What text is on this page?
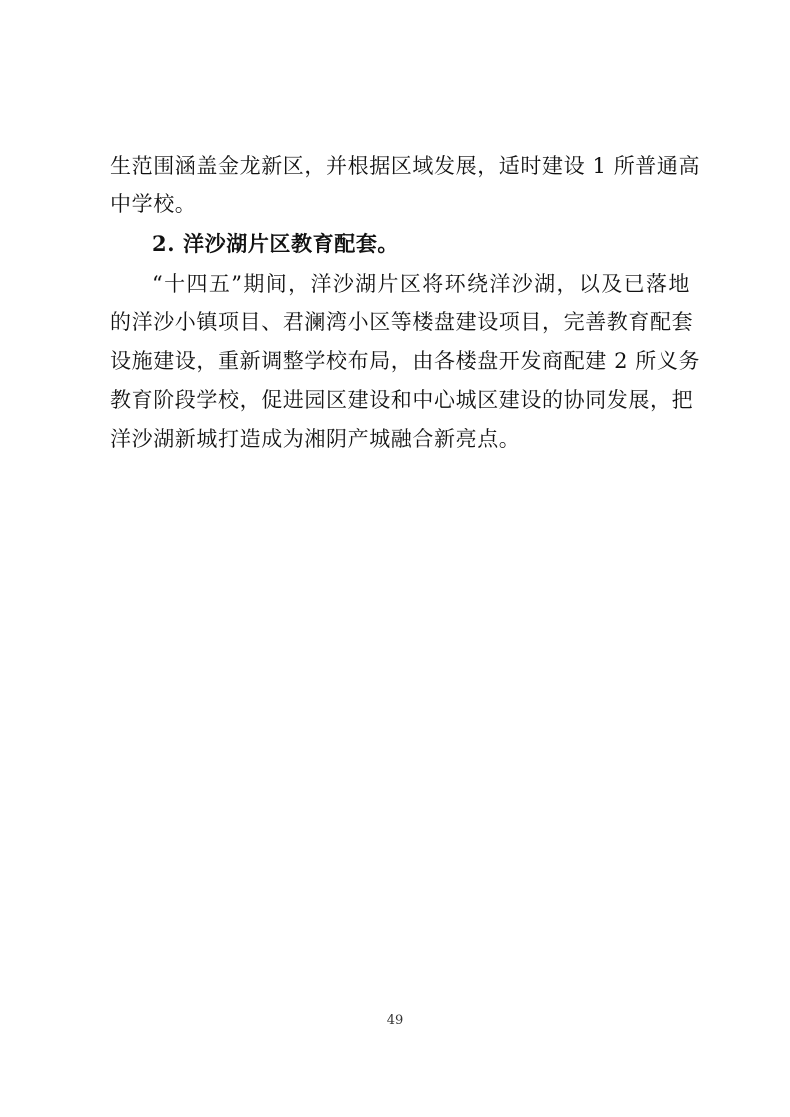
生范围涵盖金龙新区，并根据区域发展，适时建设 1 所普通高
中学校。
2. 洋沙湖片区教育配套。
“十四五”期间，洋沙湖片区将环绕洋沙湖，以及已落地
的洋沙小镇项目、君澜湾小区等楼盘建设项目，完善教育配套
设施建设，重新调整学校布局，由各楼盘开发商配建 2 所义务
教育阶段学校，促进园区建设和中心城区建设的协同发展，把
洋沙湖新城打造成为湘阴产城融合新亮点。
49
